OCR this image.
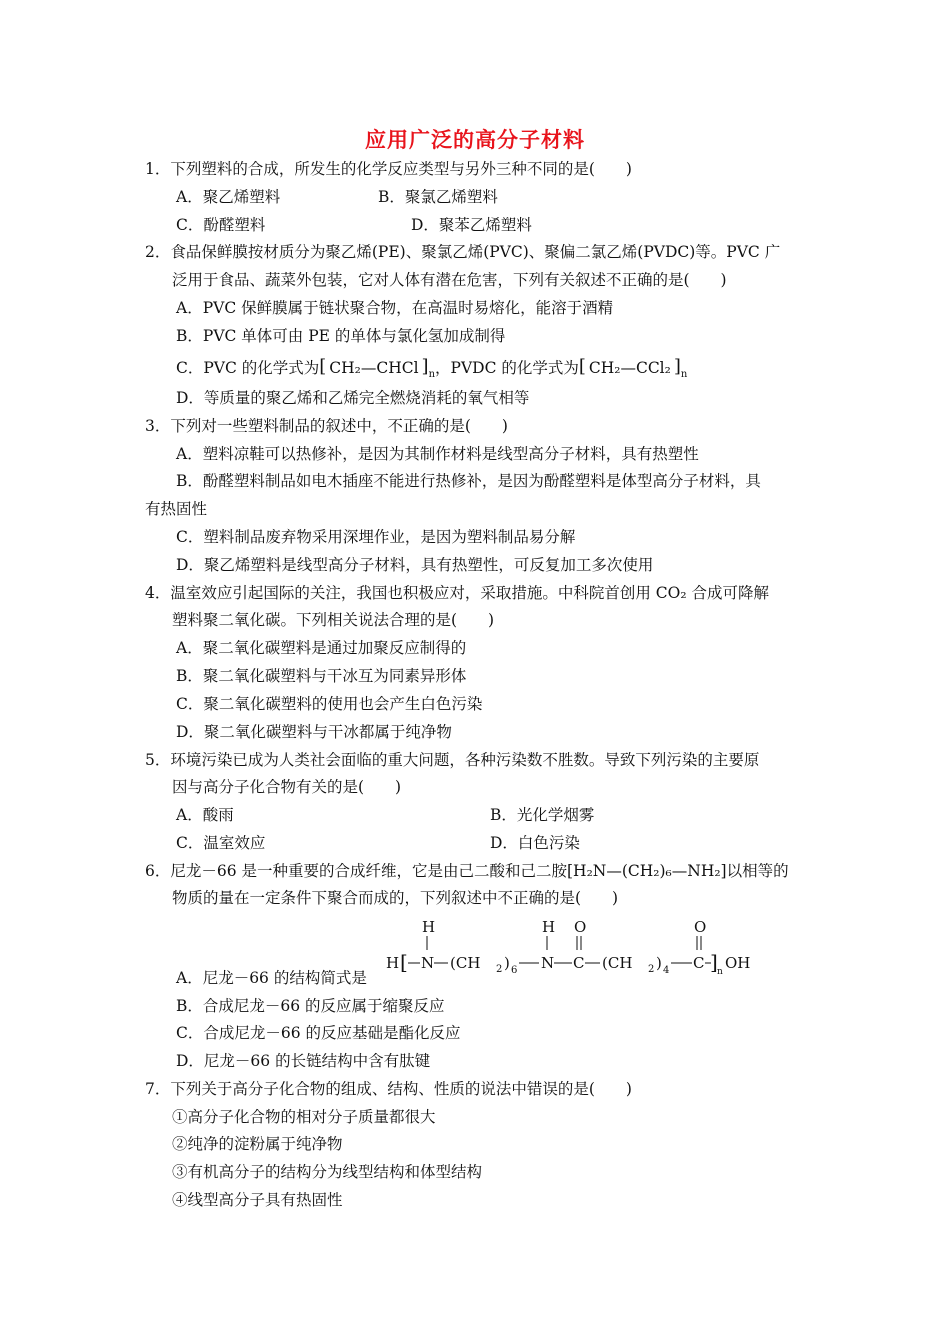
应用广泛的高分子材料
1．下列塑料的合成，所发生的化学反应类型与另外三种不同的是(　　)
A．聚乙烯塑料	B．聚氯乙烯塑料
C．酚醛塑料	D．聚苯乙烯塑料
2．食品保鲜膜按材质分为聚乙烯(PE)、聚氯乙烯(PVC)、聚偏二氯乙烯(PVDC)等。PVC 广
泛用于食品、蔬菜外包装，它对人体有潜在危害，下列有关叙述不正确的是(　　)
A．PVC 保鲜膜属于链状聚合物，在高温时易熔化，能溶于酒精
B．PVC 单体可由 PE 的单体与氯化氢加成制得
C．PVC 的化学式为 [ CH₂—CHCl ] $_n$，PVDC 的化学式为 [ CH₂—CCl₂ ] $_n$
D．等质量的聚乙烯和乙烯完全燃烧消耗的氧气相等
3．下列对一些塑料制品的叙述中，不正确的是(　　)
A．塑料凉鞋可以热修补，是因为其制作材料是线型高分子材料，具有热塑性
B．酚醛塑料制品如电木插座不能进行热修补，是因为酚醛塑料是体型高分子材料，具
有热固性
C．塑料制品废弃物采用深埋作业，是因为塑料制品易分解
D．聚乙烯塑料是线型高分子材料，具有热塑性，可反复加工多次使用
4．温室效应引起国际的关注，我国也积极应对，采取措施。中科院首创用 CO₂ 合成可降解
塑料聚二氧化碳。下列相关说法合理的是(　　)
A．聚二氧化碳塑料是通过加聚反应制得的
B．聚二氧化碳塑料与干冰互为同素异形体
C．聚二氧化碳塑料的使用也会产生白色污染
D．聚二氧化碳塑料与干冰都属于纯净物
5．环境污染已成为人类社会面临的重大问题，各种污染数不胜数。导致下列污染的主要原
因与高分子化合物有关的是(　　)
A．酸雨	B．光化学烟雾
C．温室效应	D．白色污染
6．尼龙－66 是一种重要的合成纤维，它是由己二酸和己二胺[H₂N—(CH₂)₆—NH₂]以相等的
物质的量在一定条件下聚合而成的，下列叙述中不正确的是(　　)
H	H O	O
H [ N (CH 2 ) 6 N C (CH 2 ) 4 C ] n OH
A．尼龙－66 的结构简式是
B．合成尼龙－66 的反应属于缩聚反应
C．合成尼龙－66 的反应基础是酯化反应
D．尼龙－66 的长链结构中含有肽键
7．下列关于高分子化合物的组成、结构、性质的说法中错误的是(　　)
①高分子化合物的相对分子质量都很大
②纯净的淀粉属于纯净物
③有机高分子的结构分为线型结构和体型结构
④线型高分子具有热固性
